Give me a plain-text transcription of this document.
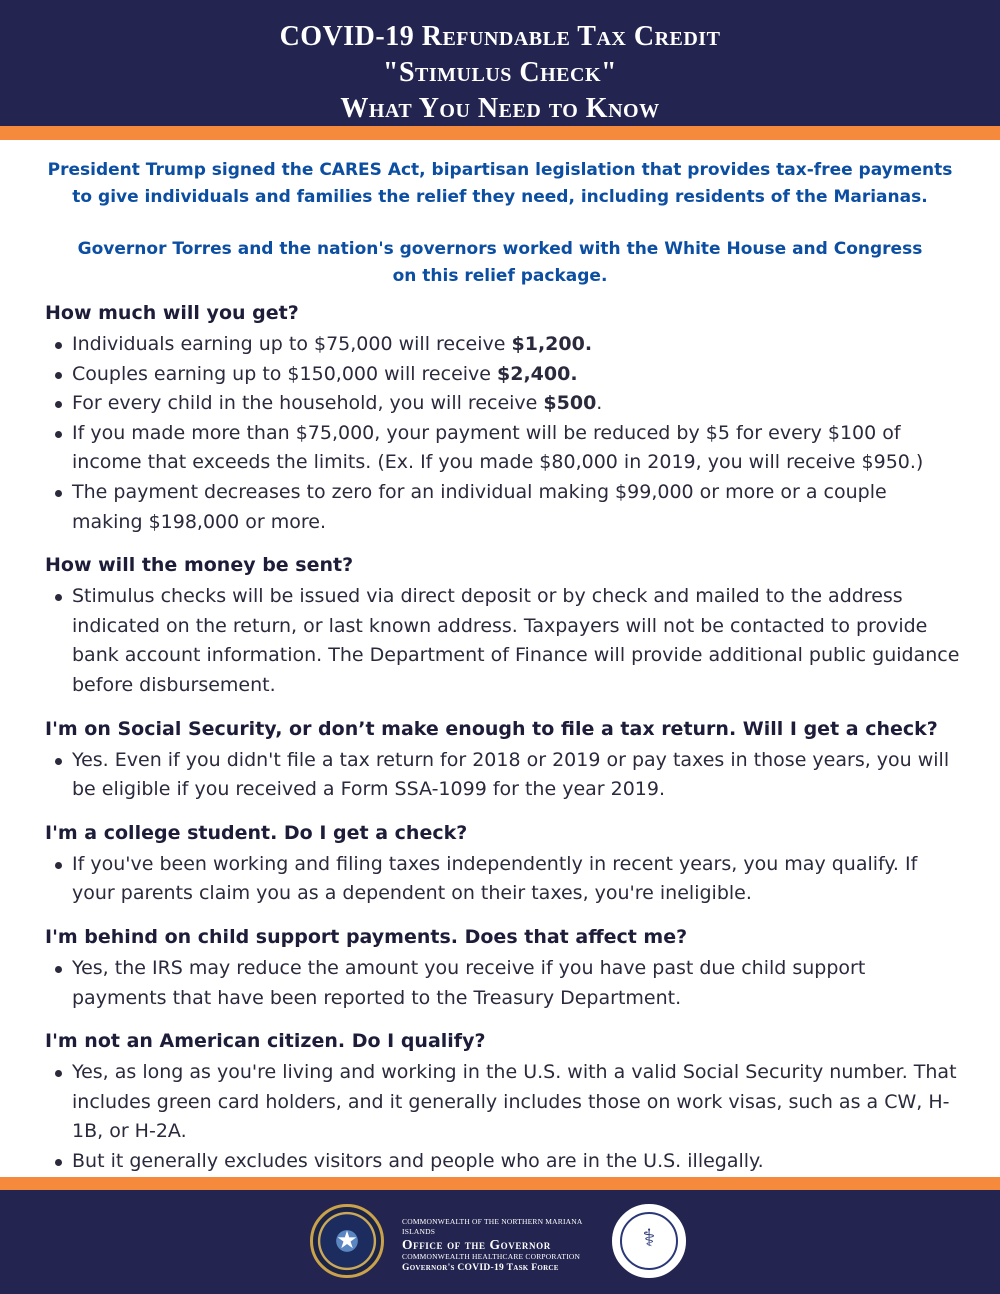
COVID-19 Refundable Tax Credit
"Stimulus Check"
What You Need to Know
President Trump signed the CARES Act, bipartisan legislation that provides tax-free payments
to give individuals and families the relief they need, including residents of the Marianas.
Governor Torres and the nation's governors worked with the White House and Congress
on this relief package.
How much will you get?
Individuals earning up to $75,000 will receive $1,200.
Couples earning up to $150,000 will receive $2,400.
For every child in the household, you will receive $500.
If you made more than $75,000, your payment will be reduced by $5 for every $100 of income that exceeds the limits. (Ex. If you made $80,000 in 2019, you will receive $950.)
The payment decreases to zero for an individual making $99,000 or more or a couple making $198,000 or more.
How will the money be sent?
Stimulus checks will be issued via direct deposit or by check and mailed to the address indicated on the return, or last known address. Taxpayers will not be contacted to provide bank account information. The Department of Finance will provide additional public guidance before disbursement.
I'm on Social Security, or don’t make enough to file a tax return. Will I get a check?
Yes. Even if you didn't file a tax return for 2018 or 2019 or pay taxes in those years, you will be eligible if you received a Form SSA-1099 for the year 2019.
I'm a college student. Do I get a check?
If you've been working and filing taxes independently in recent years, you may qualify. If your parents claim you as a dependent on their taxes, you're ineligible.
I'm behind on child support payments. Does that affect me?
Yes, the IRS may reduce the amount you receive if you have past due child support payments that have been reported to the Treasury Department.
I'm not an American citizen. Do I qualify?
Yes, as long as you're living and working in the U.S. with a valid Social Security number. That includes green card holders, and it generally includes those on work visas, such as a CW, H-1B, or H-2A.
But it generally excludes visitors and people who are in the U.S. illegally.
★
COMMONWEALTH OF THE NORTHERN MARIANA ISLANDS
Office of the Governor
COMMONWEALTH HEALTHCARE CORPORATION
Governor's COVID-19 Task Force
⚕
